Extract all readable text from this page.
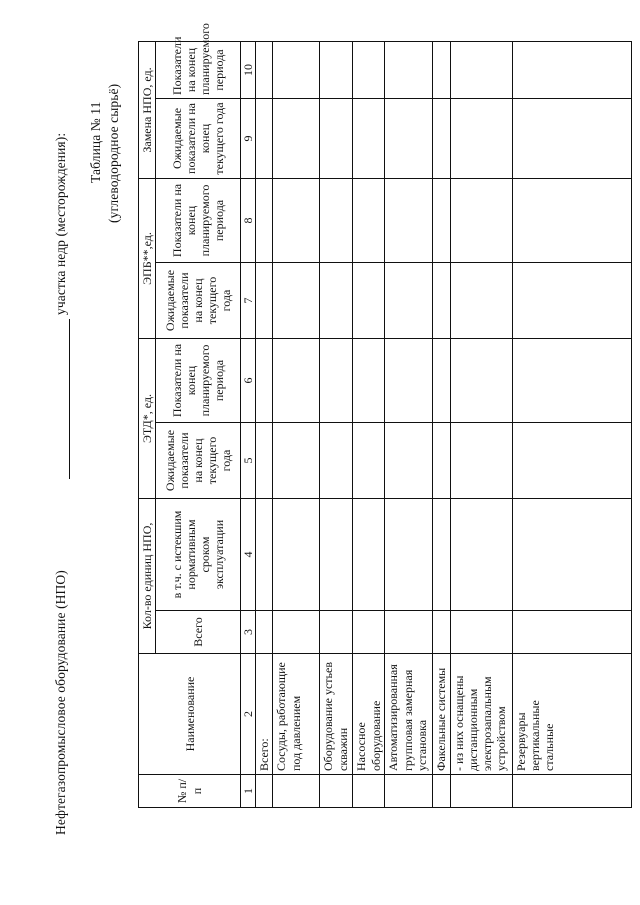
Нефтегазопромысловое оборудование (НПО)
участка недр (месторождения): Таблица № 11 (углеводородное сырьё)
№ п/п	Наименование	Кол-во единиц НПО,		ЭТД*, ед.		ЭПБ**,ед.		Замена НПО, ед.	
		Всего	в т.ч. с истекшим нормативным сроком эксплуатации	Ожидаемые показатели на конец текущего года	Показатели на конец планируемого периода	Ожидаемые показатели на конец текущего года	Показатели на конец планируемого периода	Ожидаемые показатели на конец текущего года	Показатели на конец планируемого периода
1	2	3	4	5	6	7	8	9	10
	Всего:								
	Сосуды, работающие под давлением								
	Оборудование устьев скважин								
	Насосное оборудование								
	Автоматизированная групповая замерная установка								
	Факельные системы								
	- из них оснащены дистанционным электрозапальным устройством								
	Резервуары вертикальные стальные								
